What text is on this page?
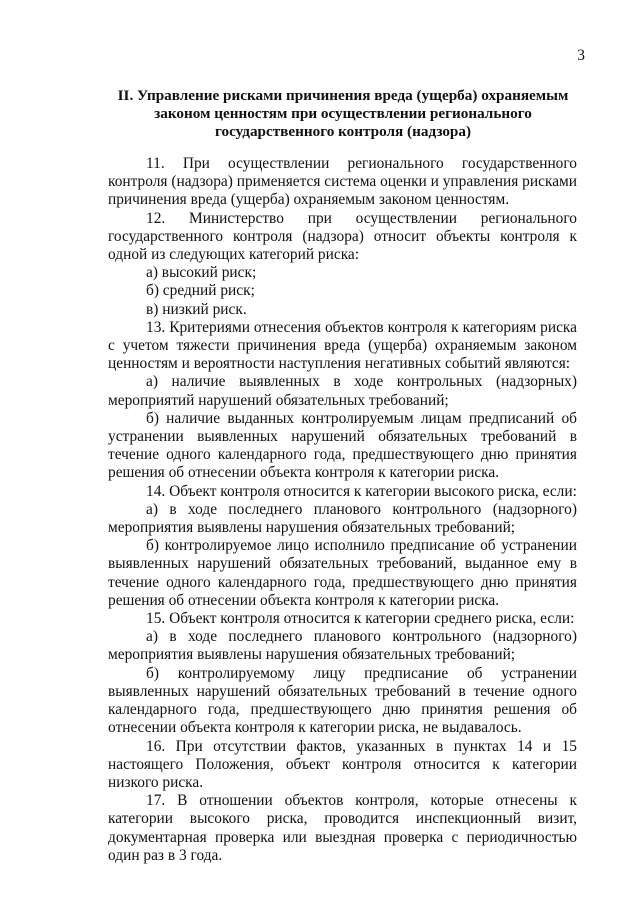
3
II. Управление рисками причинения вреда (ущерба) охраняемым законом ценностям при осуществлении регионального государственного контроля (надзора)

11. При осуществлении регионального государственного контроля (надзора) применяется система оценки и управления рисками причинения вреда (ущерба) охраняемым законом ценностям.

12. Министерство при осуществлении регионального государственного контроля (надзора) относит объекты контроля к одной из следующих категорий риска:

а) высокий риск;

б) средний риск;

в) низкий риск.

13. Критериями отнесения объектов контроля к категориям риска с учетом тяжести причинения вреда (ущерба) охраняемым законом ценностям и вероятности наступления негативных событий являются:

а) наличие выявленных в ходе контрольных (надзорных) мероприятий нарушений обязательных требований;

б) наличие выданных контролируемым лицам предписаний об устранении выявленных нарушений обязательных требований в течение одного календарного года, предшествующего дню принятия решения об отнесении объекта контроля к категории риска.

14. Объект контроля относится к категории высокого риска, если:

а) в ходе последнего планового контрольного (надзорного) мероприятия выявлены нарушения обязательных требований;

б) контролируемое лицо исполнило предписание об устранении выявленных нарушений обязательных требований, выданное ему в течение одного календарного года, предшествующего дню принятия решения об отнесении объекта контроля к категории риска.

15. Объект контроля относится к категории среднего риска, если:

а) в ходе последнего планового контрольного (надзорного) мероприятия выявлены нарушения обязательных требований;

б) контролируемому лицу предписание об устранении выявленных нарушений обязательных требований в течение одного календарного года, предшествующего дню принятия решения об отнесении объекта контроля к категории риска, не выдавалось.

16. При отсутствии фактов, указанных в пунктах 14 и 15 настоящего Положения, объект контроля относится к категории низкого риска.

17. В отношении объектов контроля, которые отнесены к категории высокого риска, проводится инспекционный визит, документарная проверка или выездная проверка с периодичностью один раз в 3 года.
